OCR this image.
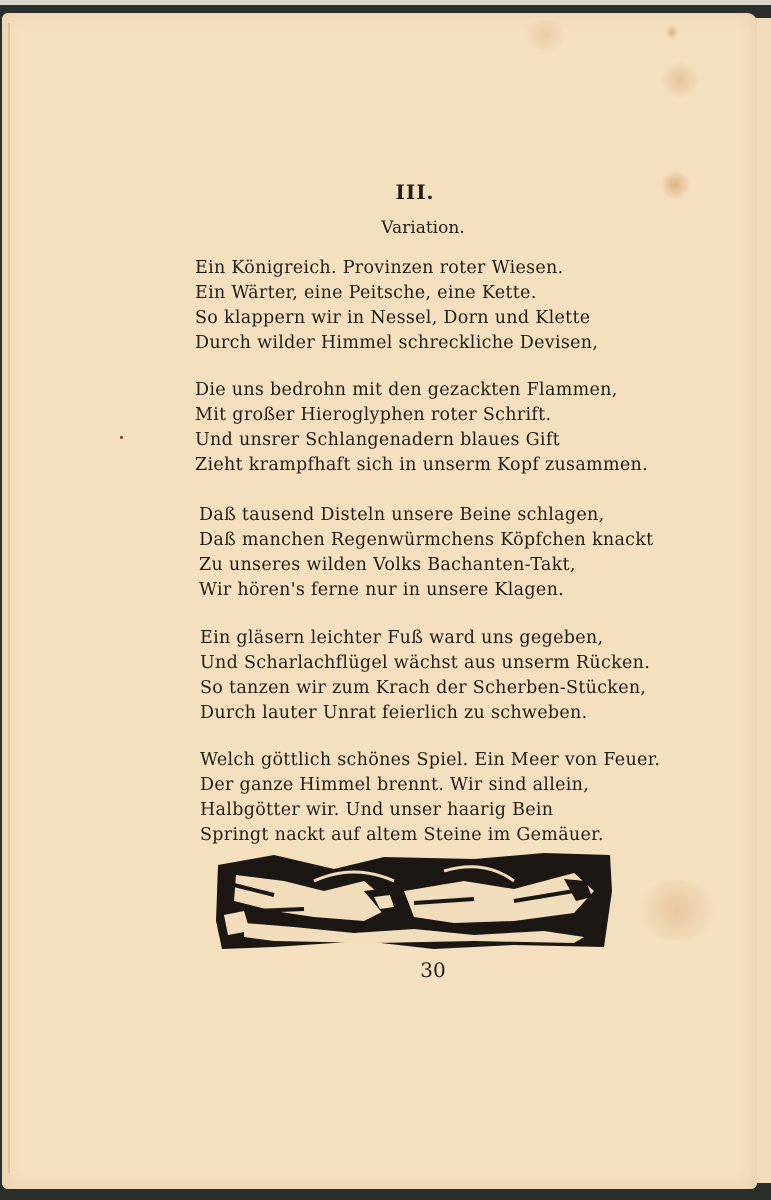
III.
Variation.
Ein Königreich. Provinzen roter Wiesen.
Ein Wärter, eine Peitsche, eine Kette.
So klappern wir in Nessel, Dorn und Klette
Durch wilder Himmel schreckliche Devisen,
Die uns bedrohn mit den gezackten Flammen,
Mit großer Hieroglyphen roter Schrift.
Und unsrer Schlangenadern blaues Gift
Zieht krampfhaft sich in unserm Kopf zusammen.
Daß tausend Disteln unsere Beine schlagen,
Daß manchen Regenwürmchens Köpfchen knackt
Zu unseres wilden Volks Bachanten-Takt,
Wir hören's ferne nur in unsere Klagen.
Ein gläsern leichter Fuß ward uns gegeben,
Und Scharlachflügel wächst aus unserm Rücken.
So tanzen wir zum Krach der Scherben-Stücken,
Durch lauter Unrat feierlich zu schweben.
Welch göttlich schönes Spiel. Ein Meer von Feuer.
Der ganze Himmel brennt. Wir sind allein,
Halbgötter wir. Und unser haarig Bein
Springt nackt auf altem Steine im Gemäuer.
30
